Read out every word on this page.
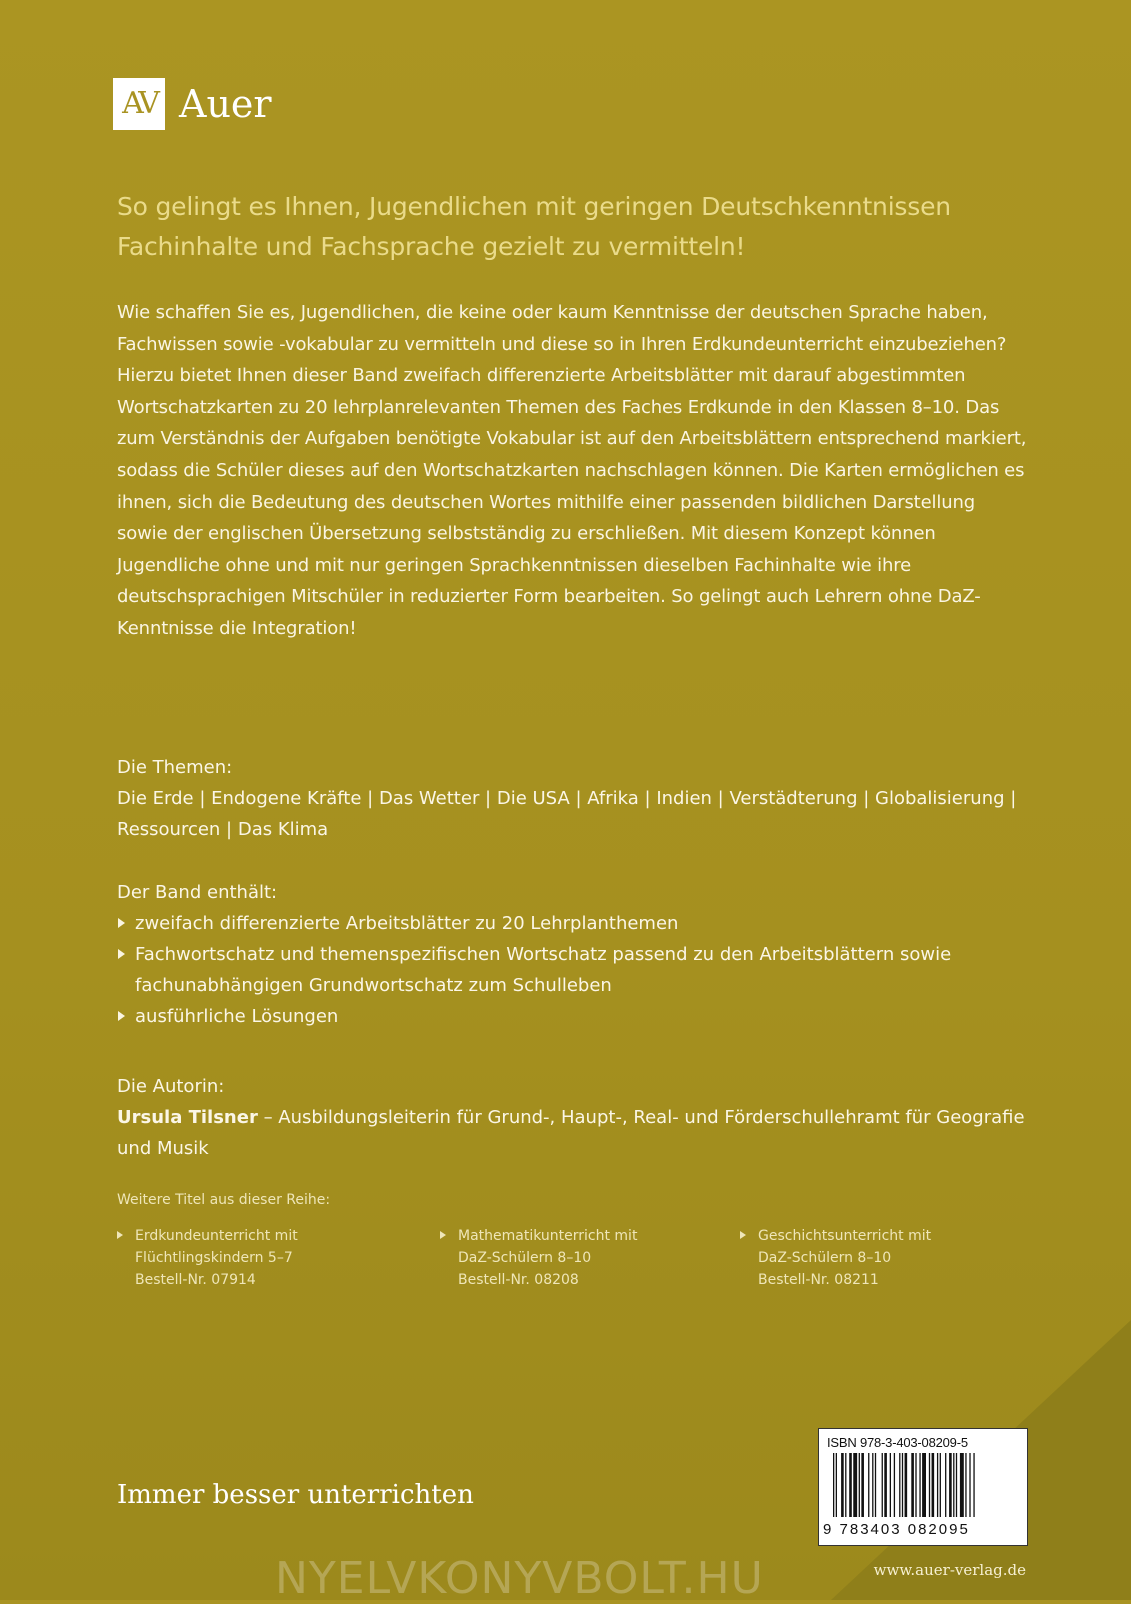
AV Auer

So gelingt es Ihnen, Jugendlichen mit geringen Deutschkenntnissen Fachinhalte und Fachsprache gezielt zu vermitteln!

Wie schaffen Sie es, Jugendlichen, die keine oder kaum Kenntnisse der deutschen Sprache haben, Fachwissen sowie -vokabular zu vermitteln und diese so in Ihren Erdkundeunterricht einzubeziehen?

Hierzu bietet Ihnen dieser Band zweifach differenzierte Arbeitsblätter mit darauf abgestimmten Wortschatzkarten zu 20 lehrplanrelevanten Themen des Faches Erdkunde in den Klassen 8–10. Das zum Verständnis der Aufgaben benötigte Vokabular ist auf den Arbeitsblättern entsprechend markiert, sodass die Schüler dieses auf den Wortschatzkarten nachschlagen können. Die Karten ermöglichen es ihnen, sich die Bedeutung des deutschen Wortes mithilfe einer passenden bildlichen Darstellung sowie der englischen Übersetzung selbstständig zu erschließen. Mit diesem Konzept können Jugendliche ohne und mit nur geringen Sprachkenntnissen dieselben Fachinhalte wie ihre deutschsprachigen Mitschüler in reduzierter Form bearbeiten. So gelingt auch Lehrern ohne DaZ-Kenntnisse die Integration!

Die Themen:

Die Erde | Endogene Kräfte | Das Wetter | Die USA | Afrika | Indien | Verstädterung | Globalisierung | Ressourcen | Das Klima

Der Band enthält:

zweifach differenzierte Arbeitsblätter zu 20 Lehrplanthemen
Fachwortschatz und themenspezifischen Wortschatz passend zu den Arbeitsblättern sowie fachunabhängigen Grundwortschatz zum Schulleben
ausführliche Lösungen

Die Autorin:

Ursula Tilsner – Ausbildungsleiterin für Grund-, Haupt-, Real- und Förderschullehramt für Geografie und Musik

Weitere Titel aus dieser Reihe:
Erdkundeunterricht mit
Flüchtlingskindern 5–7
Bestell-Nr. 07914
Mathematikunterricht mit
DaZ-Schülern 8–10
Bestell-Nr. 08208
Geschichtsunterricht mit
DaZ-Schülern 8–10
Bestell-Nr. 08211
Immer besser unterrichten
ISBN 978-3-403-08209-5
9 783403 082095
NYELVKONYVBOLT.HU	www.auer-verlag.de
